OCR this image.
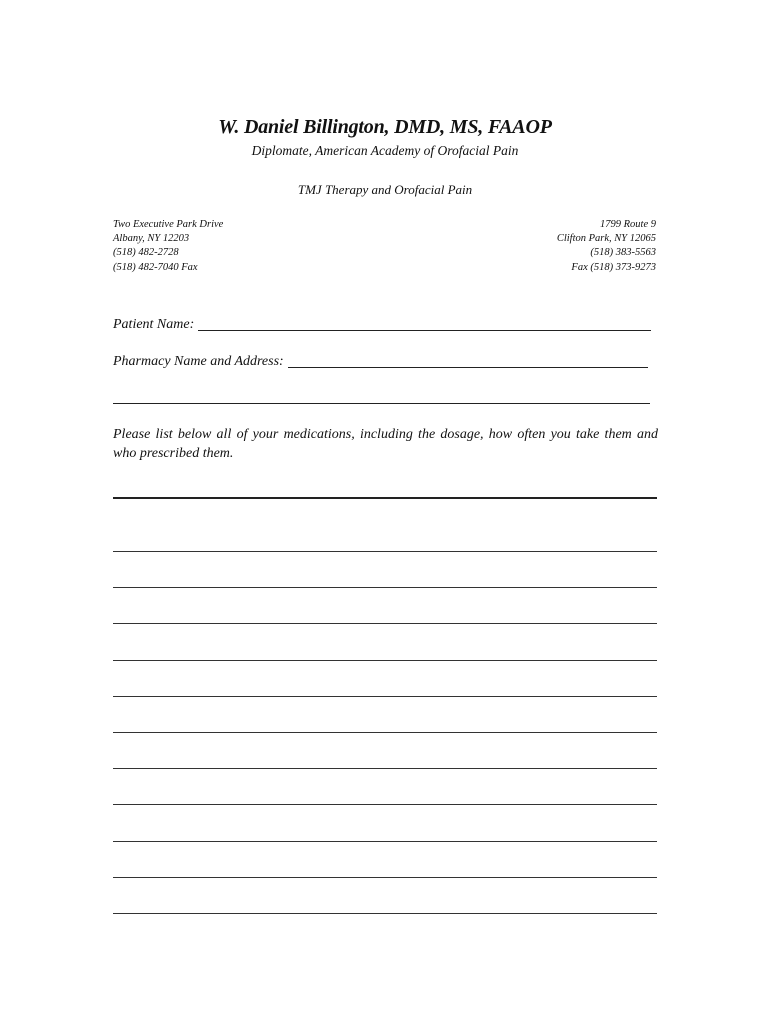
W. Daniel Billington, DMD, MS, FAAOP
Diplomate, American Academy of Orofacial Pain
TMJ Therapy and Orofacial Pain
Two Executive Park Drive
Albany, NY 12203
(518) 482-2728
(518) 482-7040 Fax
1799 Route 9
Clifton Park, NY 12065
(518) 383-5563
Fax (518) 373-9273
Patient Name:
Pharmacy Name and Address:
Please list below all of your medications, including the dosage, how often you take them and who prescribed them.
